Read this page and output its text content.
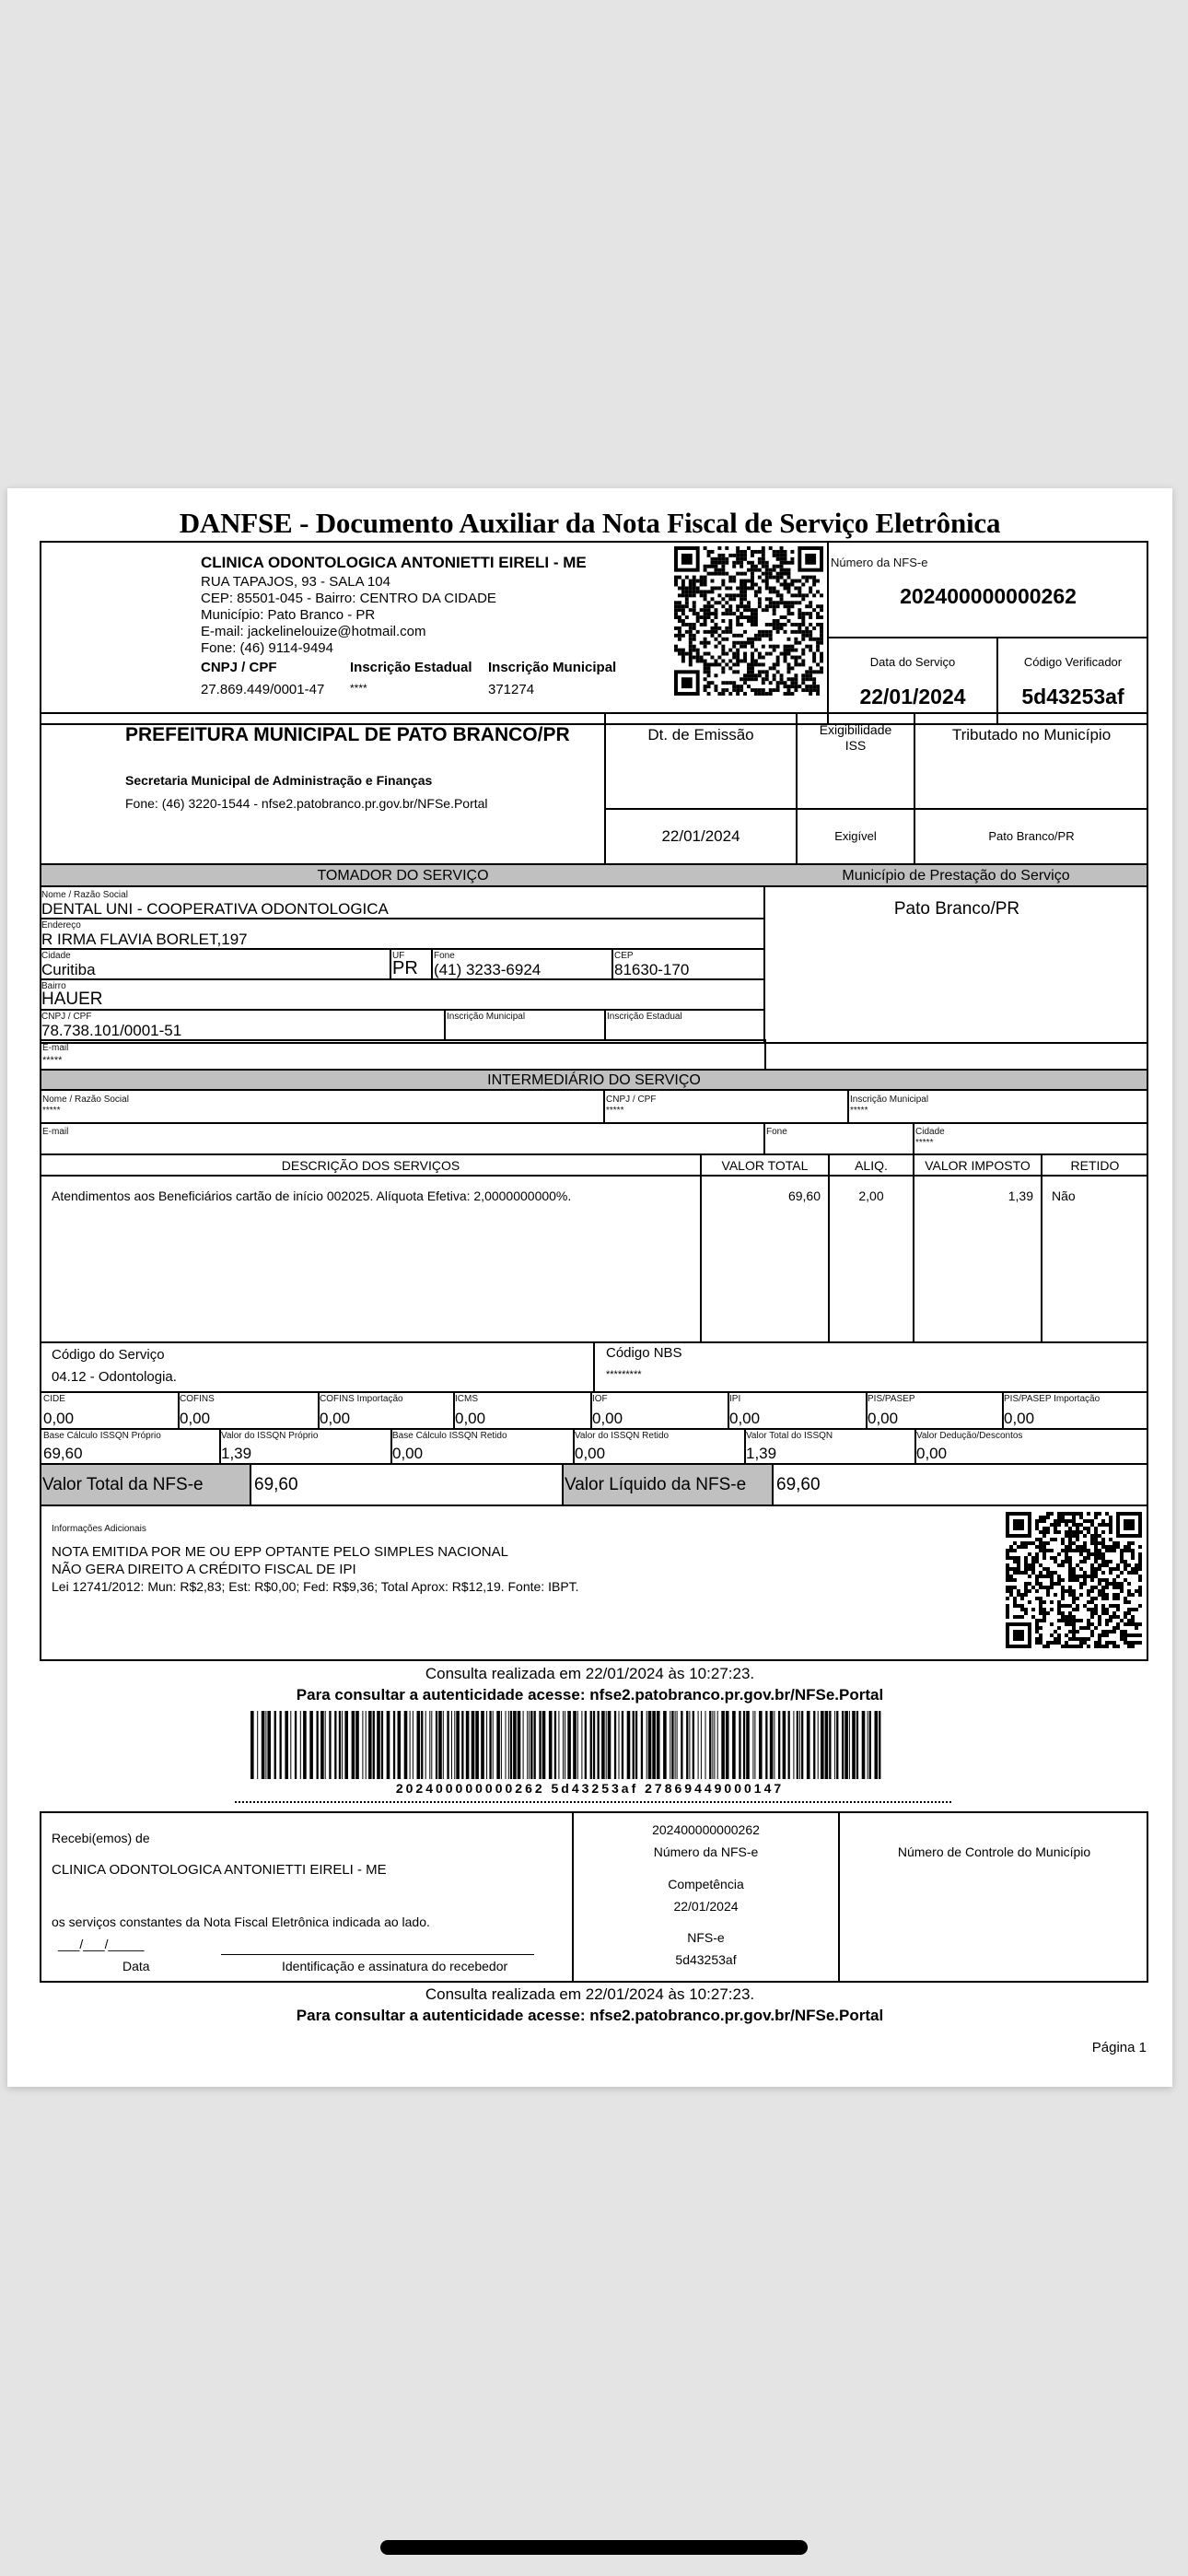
DANFSE - Documento Auxiliar da Nota Fiscal de Serviço Eletrônica
CLINICA ODONTOLOGICA ANTONIETTI EIRELI - ME
RUA TAPAJOS, 93 - SALA 104
CEP: 85501-045 - Bairro: CENTRO DA CIDADE
Município: Pato Branco - PR
E-mail: jackelinelouize@hotmail.com
Fone: (46) 9114-9494
CNPJ / CPF	Inscrição Estadual Inscrição Municipal
27.869.449/0001-47 ****	371274
Número da NFS-e
202400000000262
Data do Serviço
22/01/2024
Código Verificador
5d43253af
PREFEITURA MUNICIPAL DE PATO BRANCO/PR
Secretaria Municipal de Administração e Finanças
Fone: (46) 3220-1544 - nfse2.patobranco.pr.gov.br/NFSe.Portal
Dt. de Emissão
22/01/2024
Exigibilidade
ISS
Exigível
Tributado no Município
Pato Branco/PR
TOMADOR DO SERVIÇO	Município de Prestação do Serviço
Pato Branco/PR
Nome / Razão Social
DENTAL UNI - COOPERATIVA ODONTOLOGICA
Endereço
R IRMA FLAVIA BORLET,197
Cidade
Curitiba
UF
PR
Fone
(41) 3233-6924
CEP
81630-170
Bairro
HAUER
CNPJ / CPF
78.738.101/0001-51
Inscrição Municipal	Inscrição Estadual
E-mail
*****
INTERMEDIÁRIO DO SERVIÇO
Nome / Razão Social
*****
CNPJ / CPF
*****
Inscrição Municipal
*****
E-mail	Fone	Cidade
*****
DESCRIÇÃO DOS SERVIÇOS	VALOR TOTAL	ALIQ.	VALOR IMPOSTO	RETIDO
Atendimentos aos Beneficiários cartão de início 002025. Alíquota Efetiva: 2,0000000000%.	69,60	2,00	1,39 Não
Código do Serviço
04.12 - Odontologia.
Código NBS
*********
Valor Total da NFS-e	69,60	Valor Líquido da NFS-e 69,60
Informações Adicionais
NOTA EMITIDA POR ME OU EPP OPTANTE PELO SIMPLES NACIONAL
NÃO GERA DIREITO A CRÉDITO FISCAL DE IPI
Lei 12741/2012: Mun: R$2,83; Est: R$0,00; Fed: R$9,36; Total Aprox: R$12,19. Fonte: IBPT.
Consulta realizada em 22/01/2024 às 10:27:23.
Para consultar a autenticidade acesse: nfse2.patobranco.pr.gov.br/NFSe.Portal
202400000000262 5d43253af 27869449000147
Recebi(emos) de
CLINICA ODONTOLOGICA ANTONIETTI EIRELI - ME
os serviços constantes da Nota Fiscal Eletrônica indicada ao lado.
___/___/_____
Data	Identificação e assinatura do recebedor
202400000000262
Número da NFS-e
Competência
22/01/2024
NFS-e
5d43253af
Número de Controle do Município
Consulta realizada em 22/01/2024 às 10:27:23.
Para consultar a autenticidade acesse: nfse2.patobranco.pr.gov.br/NFSe.Portal
Página 1
CIDE
0,00
COFINS
0,00
COFINS Importação
0,00
ICMS
0,00
IOF
0,00
IPI
0,00
PIS/PASEP
0,00
PIS/PASEP Importação
0,00
Base Cálculo ISSQN Próprio
69,60
Valor do ISSQN Próprio
1,39
Base Cálculo ISSQN Retido
0,00
Valor do ISSQN Retido
0,00
Valor Total do ISSQN
1,39
Valor Dedução/Descontos
0,00
